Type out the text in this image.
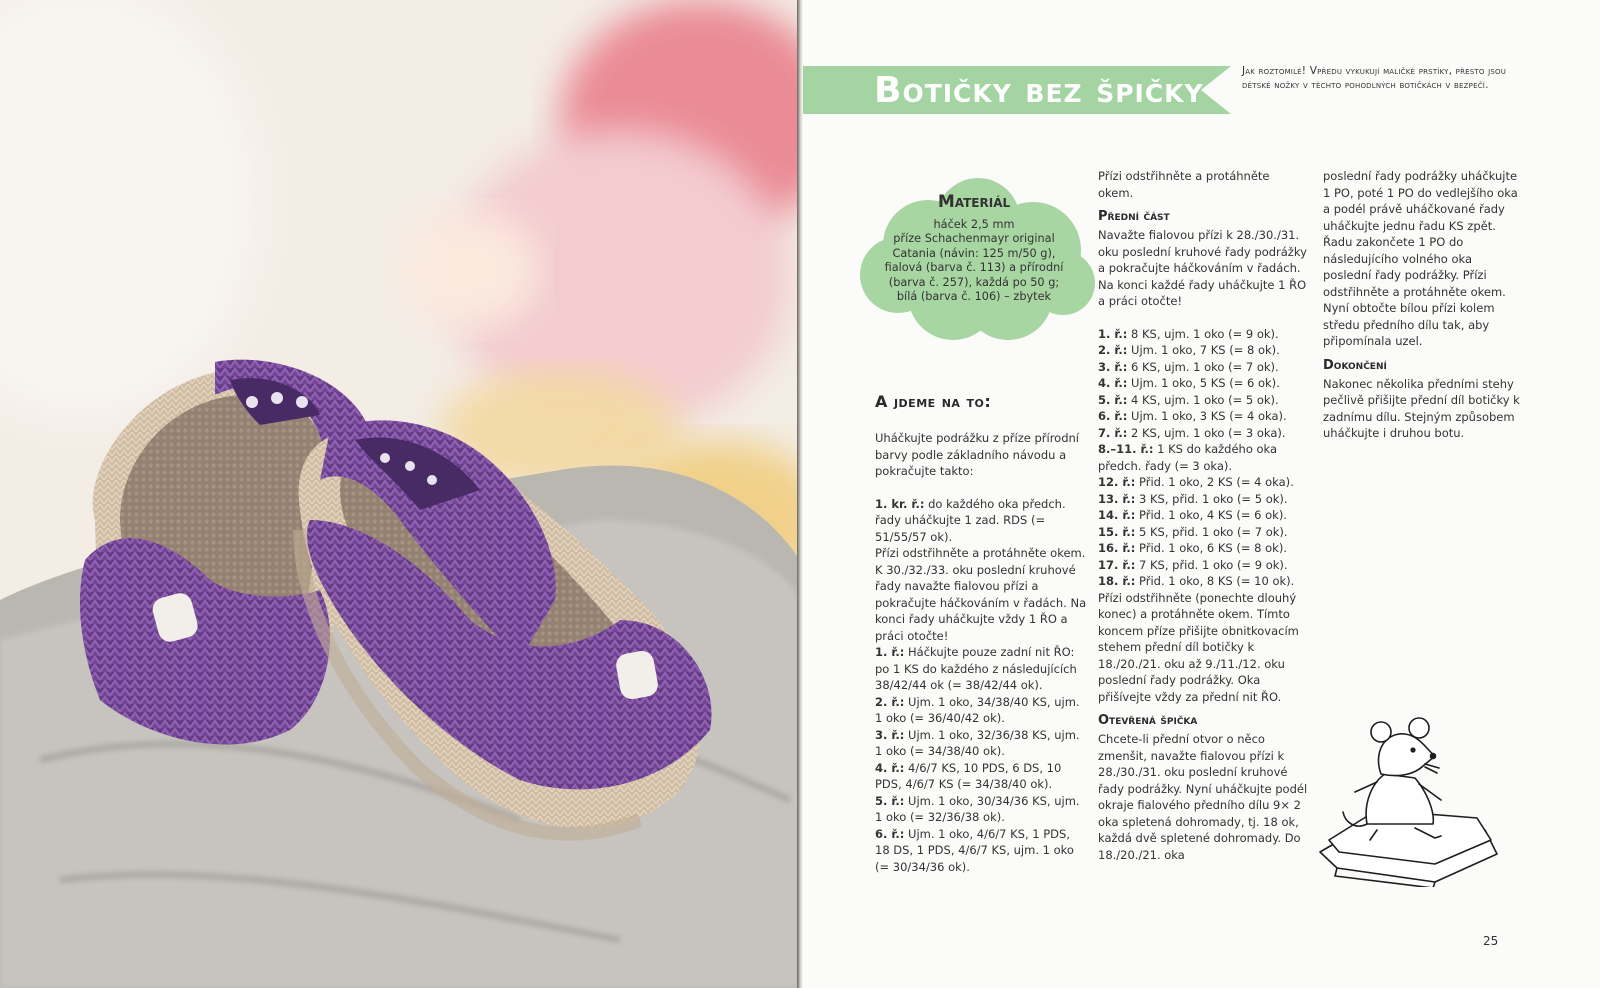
Botičky bez špičky	Jak roztomilé! Vpředu vykukují maličké prstíky, přesto jsou dětské nožky v těchto pohodlných botičkách v bezpečí.
Materiál
háček 2,5 mm
příze Schachenmayr original
Catania (návin: 125 m/50 g),
fialová (barva č. 113) a přírodní
(barva č. 257), každá po 50 g;
bílá (barva č. 106) – zbytek
A jdeme na to:

Uháčkujte podrážku z příze přírodní barvy podle základního návodu a pokračujte takto:

1. kr. ř.: do každého oka předch. řady uháčkujte 1 zad. RDS (= 51/55/57 ok).

Přízi odstřihněte a protáhněte okem.

K 30./32./33. oku poslední kruhové řady navažte fialovou přízi a pokračujte háčkováním v řadách. Na konci řady uháčkujte vždy 1 ŘO a práci otočte!

1. ř.: Háčkujte pouze zadní nit ŘO: po 1 KS do každého z následujících 38/42/44 ok (= 38/42/44 ok).

2. ř.: Ujm. 1 oko, 34/38/40 KS, ujm. 1 oko (= 36/40/42 ok).

3. ř.: Ujm. 1 oko, 32/36/38 KS, ujm. 1 oko (= 34/38/40 ok).

4. ř.: 4/6/7 KS, 10 PDS, 6 DS, 10 PDS, 4/6/7 KS (= 34/38/40 ok).

5. ř.: Ujm. 1 oko, 30/34/36 KS, ujm. 1 oko (= 32/36/38 ok).

6. ř.: Ujm. 1 oko, 4/6/7 KS, 1 PDS, 18 DS, 1 PDS, 4/6/7 KS, ujm. 1 oko (= 30/34/36 ok).

Přízi odstřihněte a protáhněte okem.

Přední část

Navažte fialovou přízi k 28./30./31. oku poslední kruhové řady podrážky a pokračujte háčkováním v řadách. Na konci každé řady uháčkujte 1 ŘO a práci otočte!

1. ř.: 8 KS, ujm. 1 oko (= 9 ok).

2. ř.: Ujm. 1 oko, 7 KS (= 8 ok).

3. ř.: 6 KS, ujm. 1 oko (= 7 ok).

4. ř.: Ujm. 1 oko, 5 KS (= 6 ok).

5. ř.: 4 KS, ujm. 1 oko (= 5 ok).

6. ř.: Ujm. 1 oko, 3 KS (= 4 oka).

7. ř.: 2 KS, ujm. 1 oko (= 3 oka).

8.–11. ř.: 1 KS do každého oka předch. řady (= 3 oka).

12. ř.: Přid. 1 oko, 2 KS (= 4 oka).

13. ř.: 3 KS, přid. 1 oko (= 5 ok).

14. ř.: Přid. 1 oko, 4 KS (= 6 ok).

15. ř.: 5 KS, přid. 1 oko (= 7 ok).

16. ř.: Přid. 1 oko, 6 KS (= 8 ok).

17. ř.: 7 KS, přid. 1 oko (= 9 ok).

18. ř.: Přid. 1 oko, 8 KS (= 10 ok).

Přízi odstřihněte (ponechte dlouhý konec) a protáhněte okem. Tímto koncem příze přišijte obnitkovacím stehem přední díl botičky k 18./20./21. oku až 9./11./12. oku poslední řady podrážky. Oka přišívejte vždy za přední nit ŘO.

Otevřená špička

Chcete-li přední otvor o něco zmenšit, navažte fialovou přízi k 28./30./31. oku poslední kruhové řady podrážky. Nyní uháčkujte podél okraje fialového předního dílu 9× 2 oka spletená dohromady, tj. 18 ok, každá dvě spletené dohromady. Do 18./20./21. oka

poslední řady podrážky uháčkujte 1 PO, poté 1 PO do vedlejšího oka a podél právě uháčkované řady uháčkujte jednu řadu KS zpět. Řadu zakončete 1 PO do následujícího volného oka poslední řady podrážky. Přízi odstřihněte a protáhněte okem. Nyní obtočte bílou přízi kolem středu předního dílu tak, aby připomínala uzel.

Dokončení

Nakonec několika předními stehy pečlivě přišijte přední díl botičky k zadnímu dílu. Stejným způsobem uháčkujte i druhou botu.

25
